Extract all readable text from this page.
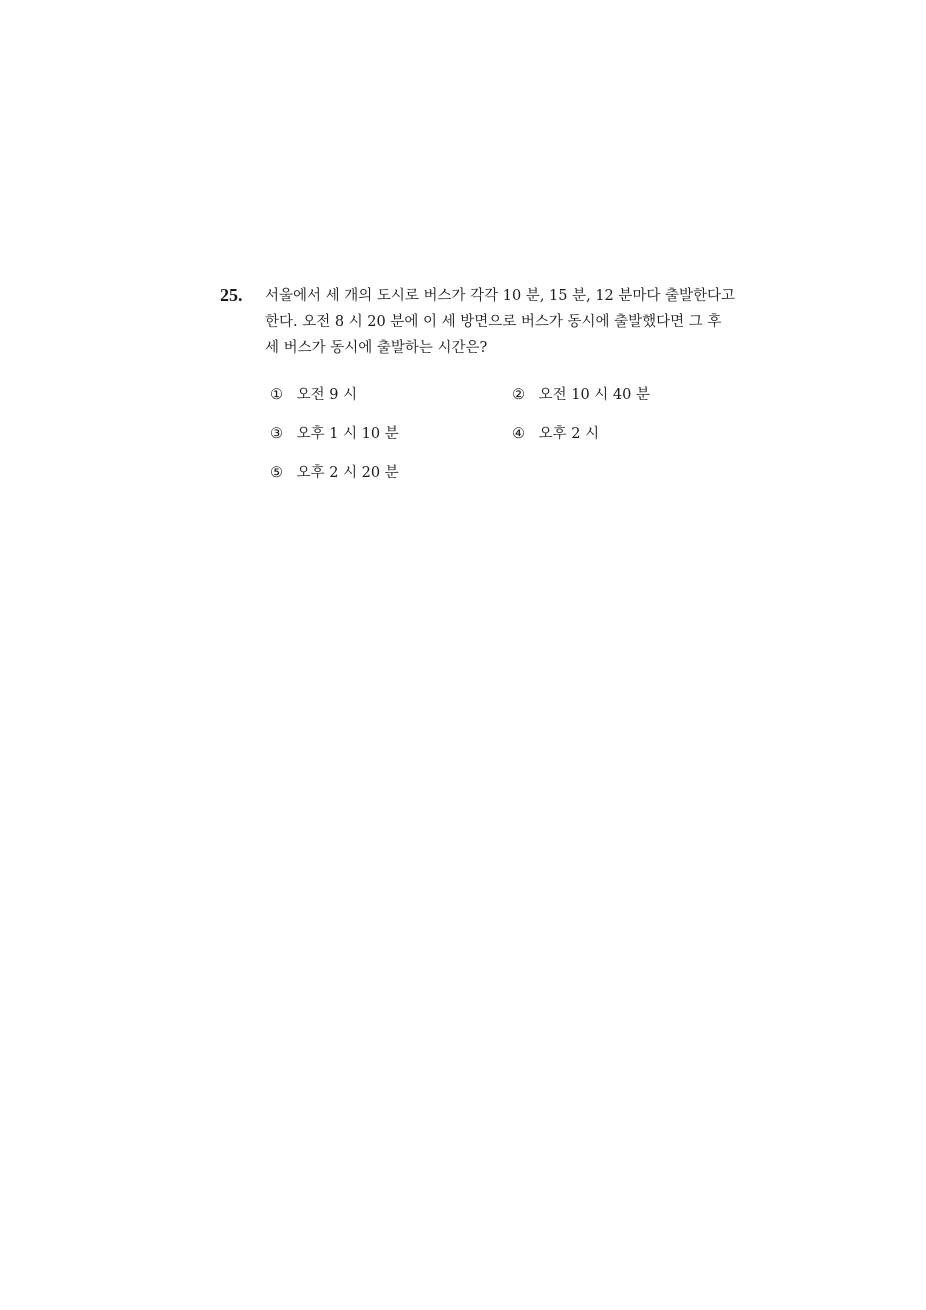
25. 서울에서 세 개의 도시로 버스가 각각 10 분, 15 분, 12 분마다 출발한다고
한다. 오전 8 시 20 분에 이 세 방면으로 버스가 동시에 출발했다면 그 후
세 버스가 동시에 출발하는 시간은?
① 오전 9 시	② 오전 10 시 40 분
③ 오후 1 시 10 분	④ 오후 2 시
⑤ 오후 2 시 20 분
